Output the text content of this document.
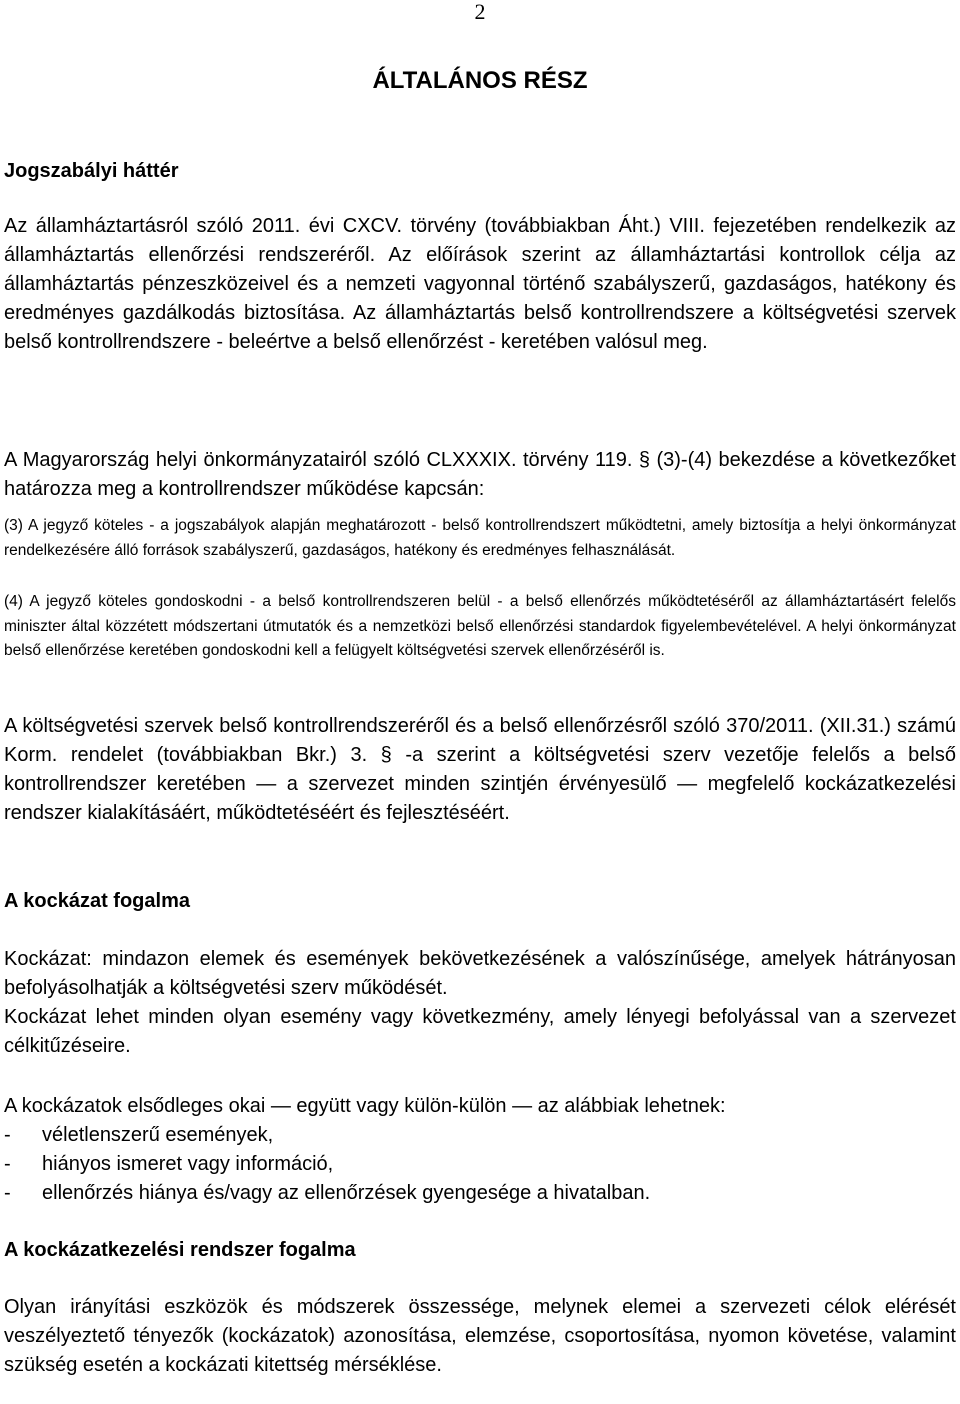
2
ÁLTALÁNOS RÉSZ
Jogszabályi háttér

Az államháztartásról szóló 2011. évi CXCV. törvény (továbbiakban Áht.) VIII. fejezetében rendelkezik az államháztartás ellenőrzési rendszeréről. Az előírások szerint az államháztartási kontrollok célja az államháztartás pénzeszközeivel és a nemzeti vagyonnal történő szabályszerű, gazdaságos, hatékony és eredményes gazdálkodás biztosítása. Az államháztartás belső kontrollrendszere a költségvetési szervek belső kontrollrendszere - beleértve a belső ellenőrzést - keretében valósul meg.

A Magyarország helyi önkormányzatairól szóló CLXXXIX. törvény 119. § (3)-(4) bekezdése a következőket határozza meg a kontrollrendszer működése kapcsán:

(3) A jegyző köteles - a jogszabályok alapján meghatározott - belső kontrollrendszert működtetni, amely biztosítja a helyi önkormányzat rendelkezésére álló források szabályszerű, gazdaságos, hatékony és eredményes felhasználását.

(4) A jegyző köteles gondoskodni - a belső kontrollrendszeren belül - a belső ellenőrzés működtetéséről az államháztartásért felelős miniszter által közzétett módszertani útmutatók és a nemzetközi belső ellenőrzési standardok figyelembevételével. A helyi önkormányzat belső ellenőrzése keretében gondoskodni kell a felügyelt költségvetési szervek ellenőrzéséről is.

A költségvetési szervek belső kontrollrendszeréről és a belső ellenőrzésről szóló 370/2011. (XII.31.) számú Korm. rendelet (továbbiakban Bkr.) 3. § -a szerint a költségvetési szerv vezetője felelős a belső kontrollrendszer keretében — a szervezet minden szintjén érvényesülő — megfelelő kockázatkezelési rendszer kialakításáért, működtetéséért és fejlesztéséért.

A kockázat fogalma

Kockázat: mindazon elemek és események bekövetkezésének a valószínűsége, amelyek hátrányosan befolyásolhatják a költségvetési szerv működését.

Kockázat lehet minden olyan esemény vagy következmény, amely lényegi befolyással van a szervezet célkitűzéseire.

A kockázatok elsődleges okai — együtt vagy külön-külön — az alábbiak lehetnek:

-	véletlenszerű események,
-	hiányos ismeret vagy információ,
-	ellenőrzés hiánya és/vagy az ellenőrzések gyengesége a hivatalban.
A kockázatkezelési rendszer fogalma

Olyan irányítási eszközök és módszerek összessége, melynek elemei a szervezeti célok elérését veszélyeztető tényezők (kockázatok) azonosítása, elemzése, csoportosítása, nyomon követése, valamint szükség esetén a kockázati kitettség mérséklése.
